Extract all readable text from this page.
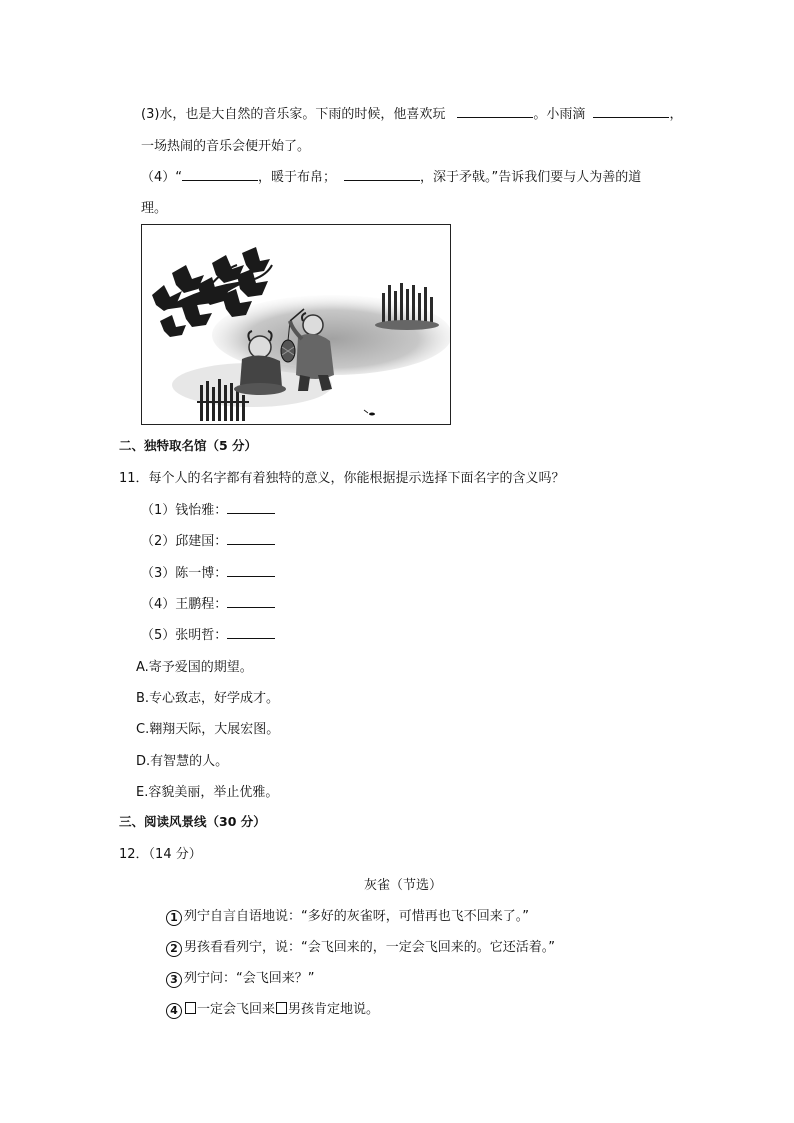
(3)水，也是大自然的音乐家。下雨的时候，他喜欢玩	。小雨滴	，
一场热闹的音乐会便开始了。
（4）“	，暖于布帛；	，深于矛戟。”告诉我们要与人为善的道
理。
二、独特取名馆（5 分）
11．每个人的名字都有着独特的意义，你能根据提示选择下面名字的含义吗？
（1）钱怡雅：
（2）邱建国：
（3）陈一博：
（4）王鹏程：
（5）张明哲：
A.寄予爱国的期望。
B.专心致志，好学成才。
C.翱翔天际，大展宏图。
D.有智慧的人。
E.容貌美丽，举止优雅。
三、阅读风景线（30 分）
12．（14 分）
灰雀（节选）
1 列宁自言自语地说：“多好的灰雀呀，可惜再也飞不回来了。”
2 男孩看看列宁，说：“会飞回来的，一定会飞回来的。它还活着。”
3 列宁问：“会飞回来？”
4 一定会飞回来 男孩肯定地说。
